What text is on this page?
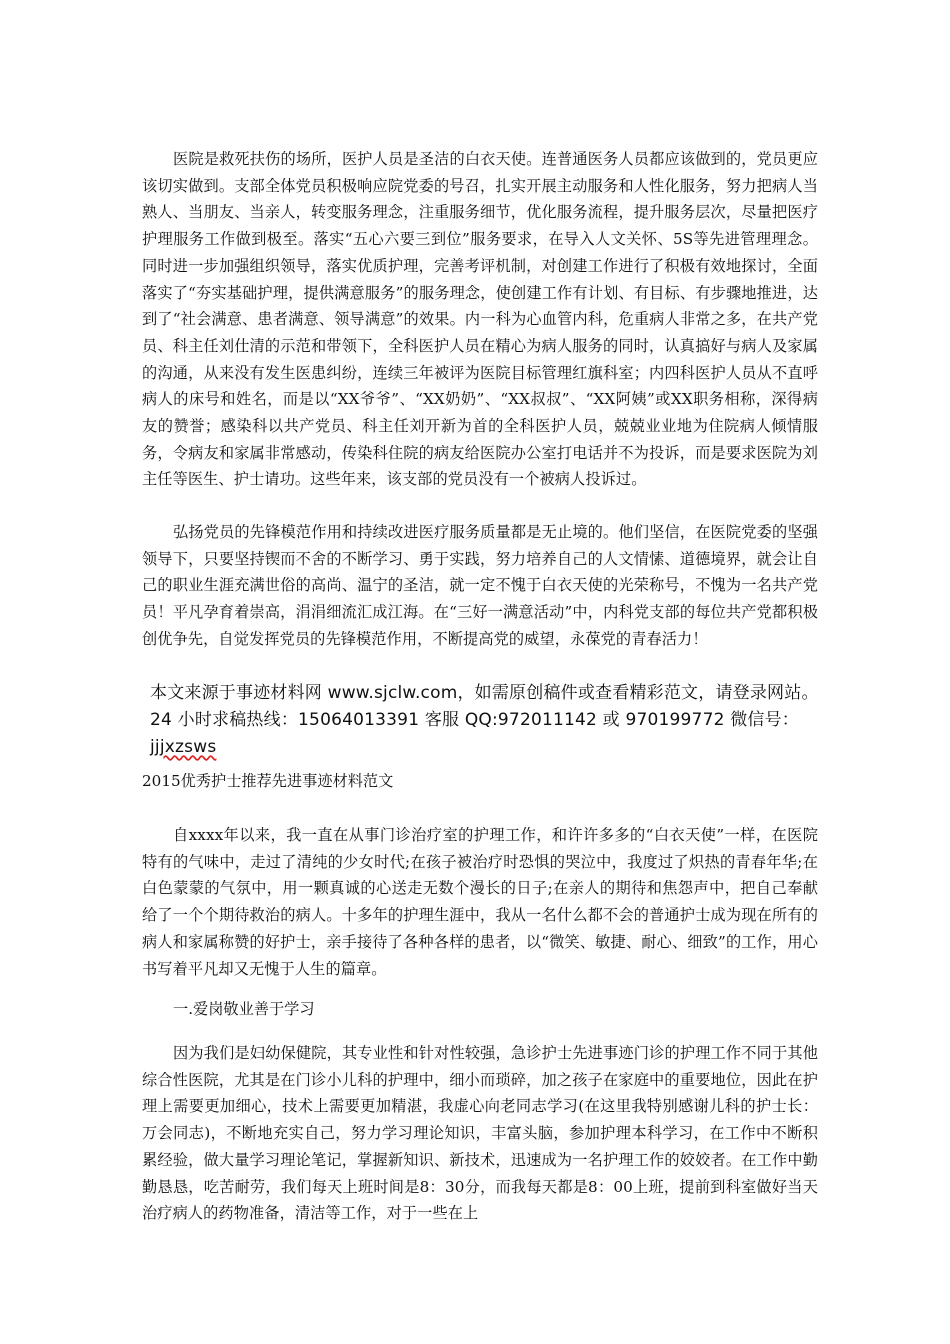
医院是救死扶伤的场所，医护人员是圣洁的白衣天使。连普通医务人员都应该做到的，党员更应该切实做到。支部全体党员积极响应院党委的号召，扎实开展主动服务和人性化服务，努力把病人当熟人、当朋友、当亲人，转变服务理念，注重服务细节，优化服务流程，提升服务层次，尽量把医疗护理服务工作做到极至。落实“五心六要三到位”服务要求，在导入人文关怀、5S等先进管理理念。同时进一步加强组织领导，落实优质护理，完善考评机制，对创建工作进行了积极有效地探讨，全面落实了“夯实基础护理，提供满意服务”的服务理念，使创建工作有计划、有目标、有步骤地推进，达到了“社会满意、患者满意、领导满意”的效果。内一科为心血管内科，危重病人非常之多，在共产党员、科主任刘仕清的示范和带领下，全科医护人员在精心为病人服务的同时，认真搞好与病人及家属的沟通，从来没有发生医患纠纷，连续三年被评为医院目标管理红旗科室；内四科医护人员从不直呼病人的床号和姓名，而是以“XX爷爷”、“XX奶奶”、“XX叔叔”、“XX阿姨”或XX职务相称，深得病友的赞誉；感染科以共产党员、科主任刘开新为首的全科医护人员，兢兢业业地为住院病人倾情服务，令病友和家属非常感动，传染科住院的病友给医院办公室打电话并不为投诉，而是要求医院为刘主任等医生、护士请功。这些年来，该支部的党员没有一个被病人投诉过。

弘扬党员的先锋模范作用和持续改进医疗服务质量都是无止境的。他们坚信，在医院党委的坚强领导下，只要坚持锲而不舍的不断学习、勇于实践，努力培养自己的人文情愫、道德境界，就会让自己的职业生涯充满世俗的高尚、温宁的圣洁，就一定不愧于白衣天使的光荣称号，不愧为一名共产党员！平凡孕育着崇高，涓涓细流汇成江海。在“三好一满意活动”中，内科党支部的每位共产党都积极创优争先，自觉发挥党员的先锋模范作用，不断提高党的威望，永葆党的青春活力！

本文来源于事迹材料网 www.sjclw.com，如需原创稿件或查看精彩范文，请登录网站。24 小时求稿热线：15064013391 客服 QQ:972011142 或 970199772 微信号：jjjxzsws

2015优秀护士推荐先进事迹材料范文

自xxxx年以来，我一直在从事门诊治疗室的护理工作，和许许多多的“白衣天使”一样，在医院特有的气味中，走过了清纯的少女时代;在孩子被治疗时恐惧的哭泣中，我度过了炽热的青春年华;在白色蒙蒙的气氛中，用一颗真诚的心送走无数个漫长的日子;在亲人的期待和焦怨声中，把自己奉献给了一个个期待救治的病人。十多年的护理生涯中，我从一名什么都不会的普通护士成为现在所有的病人和家属称赞的好护士，亲手接待了各种各样的患者，以“微笑、敏捷、耐心、细致”的工作，用心书写着平凡却又无愧于人生的篇章。

一.爱岗敬业善于学习

因为我们是妇幼保健院，其专业性和针对性较强，急诊护士先进事迹门诊的护理工作不同于其他综合性医院，尤其是在门诊小儿科的护理中，细小而琐碎，加之孩子在家庭中的重要地位，因此在护理上需要更加细心，技术上需要更加精湛，我虚心向老同志学习(在这里我特别感谢儿科的护士长：万会同志)，不断地充实自己，努力学习理论知识，丰富头脑，参加护理本科学习，在工作中不断积累经验，做大量学习理论笔记，掌握新知识、新技术，迅速成为一名护理工作的姣姣者。在工作中勤勤恳恳，吃苦耐劳，我们每天上班时间是8：30分，而我每天都是8：00上班，提前到科室做好当天治疗病人的药物准备，清洁等工作，对于一些在上
